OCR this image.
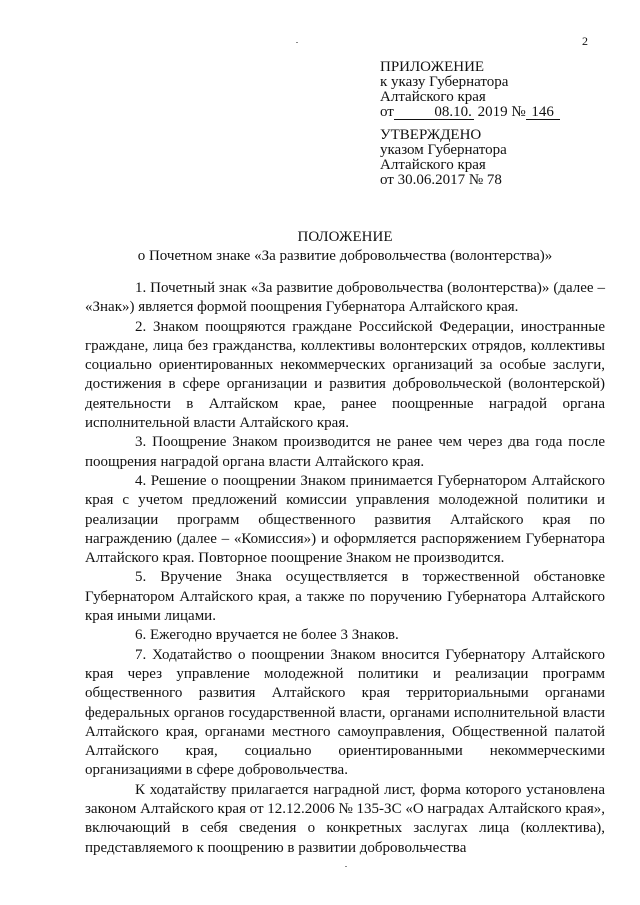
2
ПРИЛОЖЕНИЕ
к указу Губернатора
Алтайского края
от	08.10. 2019 № 146
УТВЕРЖДЕНО
указом Губернатора
Алтайского края
от 30.06.2017 № 78
ПОЛОЖЕНИЕ
о Почетном знаке «За развитие добровольчества (волонтерства)»

1. Почетный знак «За развитие добровольчества (волонтерства)» (далее – «Знак») является формой поощрения Губернатора Алтайского края.

2. Знаком поощряются граждане Российской Федерации, иностранные граждане, лица без гражданства, коллективы волонтерских отрядов, коллективы социально ориентированных некоммерческих организаций за особые заслуги, достижения в сфере организации и развития добровольческой (волонтерской) деятельности в Алтайском крае, ранее поощренные наградой органа исполнительной власти Алтайского края.

3. Поощрение Знаком производится не ранее чем через два года после поощрения наградой органа власти Алтайского края.

4. Решение о поощрении Знаком принимается Губернатором Алтайского края с учетом предложений комиссии управления молодежной политики и реализации программ общественного развития Алтайского края по награждению (далее – «Комиссия») и оформляется распоряжением Губернатора Алтайского края. Повторное поощрение Знаком не производится.

5. Вручение Знака осуществляется в торжественной обстановке Губернатором Алтайского края, а также по поручению Губернатора Алтайского края иными лицами.

6. Ежегодно вручается не более 3 Знаков.

7. Ходатайство о поощрении Знаком вносится Губернатору Алтайского края через управление молодежной политики и реализации программ общественного развития Алтайского края территориальными органами федеральных органов государственной власти, органами исполнительной власти Алтайского края, органами местного самоуправления, Общественной палатой Алтайского края, социально ориентированными некоммерческими организациями в сфере добровольчества.

К ходатайству прилагается наградной лист, форма которого установлена законом Алтайского края от 12.12.2006 № 135-ЗС «О наградах Алтайского края», включающий в себя сведения о конкретных заслугах лица (коллектива), представляемого к поощрению в развитии добровольчества
